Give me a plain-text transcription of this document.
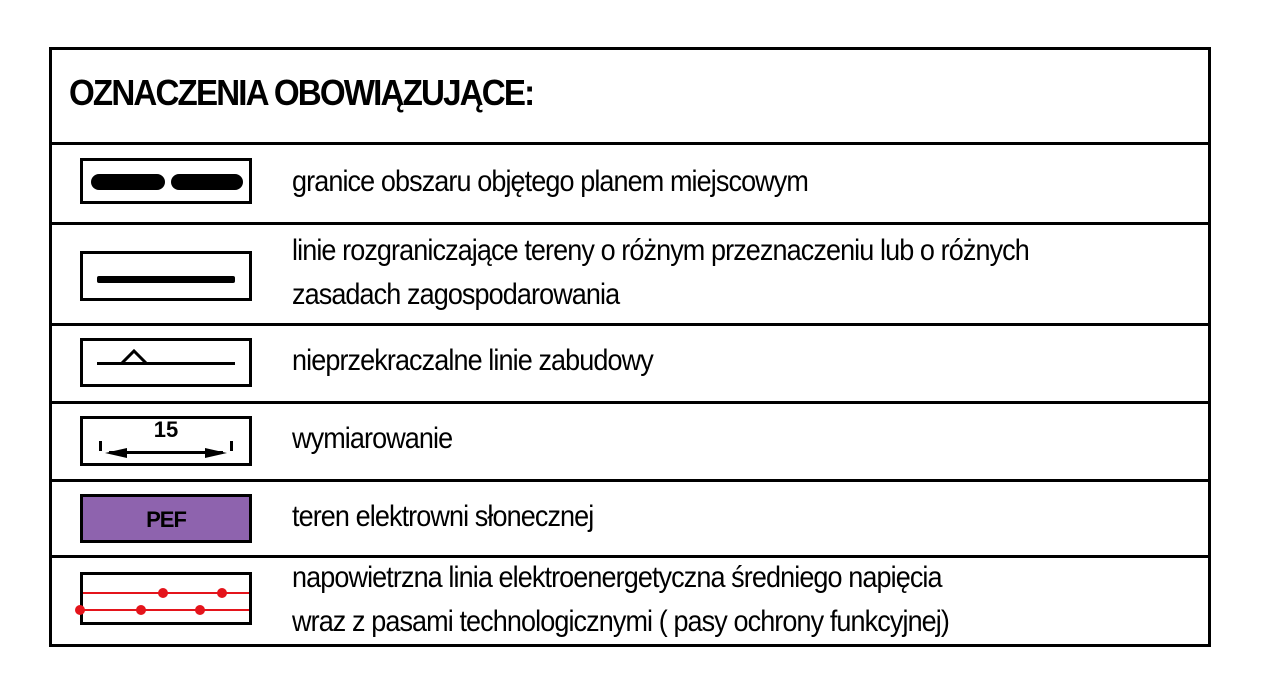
OZNACZENIA OBOWIĄZUJĄCE:
granice obszaru objętego planem miejscowym
linie rozgraniczające tereny o różnym przeznaczeniu lub o różnych
zasadach zagospodarowania
nieprzekraczalne linie zabudowy
15	wymiarowanie
PEF	teren elektrowni słonecznej
napowietrzna linia elektroenergetyczna średniego napięcia
wraz z pasami technologicznymi ( pasy ochrony funkcyjnej)
